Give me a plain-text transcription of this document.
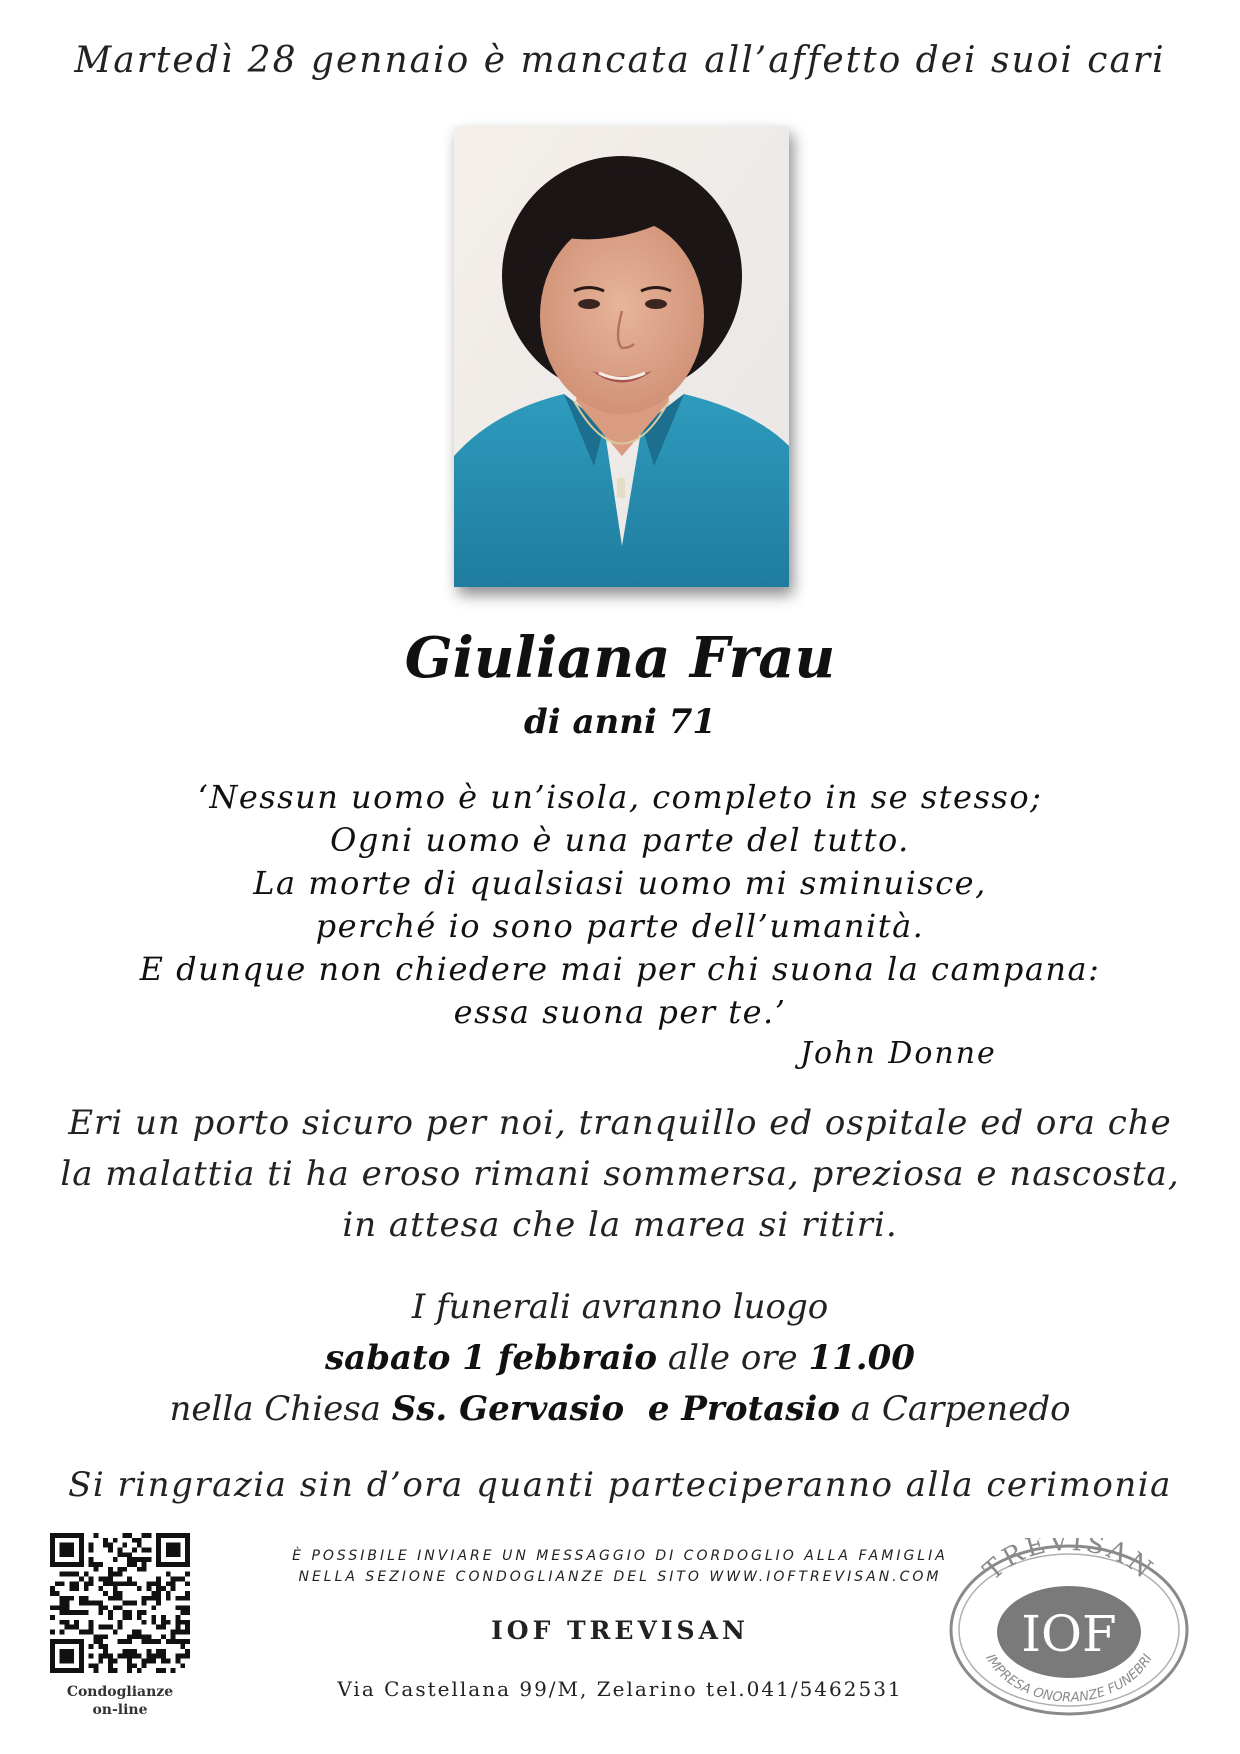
Martedì 28 gennaio è mancata all’affetto dei suoi cari
Giuliana Frau
di anni 71
‘Nessun uomo è un’isola, completo in se stesso;
Ogni uomo è una parte del tutto.
La morte di qualsiasi uomo mi sminuisce,
perché io sono parte dell’umanità.
E dunque non chiedere mai per chi suona la campana:
essa suona per te.’
John Donne
Eri un porto sicuro per noi, tranquillo ed ospitale ed ora che
la malattia ti ha eroso rimani sommersa, preziosa e nascosta,
in attesa che la marea si ritiri.
I funerali avranno luogo
sabato 1 febbraio alle ore 11.00
nella Chiesa Ss. Gervasio  e Protasio a Carpenedo
Si ringrazia sin d’ora quanti parteciperanno alla cerimonia
Condoglianze
on-line
È POSSIBILE INVIARE UN MESSAGGIO DI CORDOGLIO ALLA FAMIGLIA
NELLA SEZIONE CONDOGLIANZE DEL SITO WWW.IOFTREVISAN.COM
IOF TREVISAN
Via Castellana 99/M, Zelarino tel.041/5462531
TREVISAN
IOF
IMPRESA ONORANZE FUNEBRI
